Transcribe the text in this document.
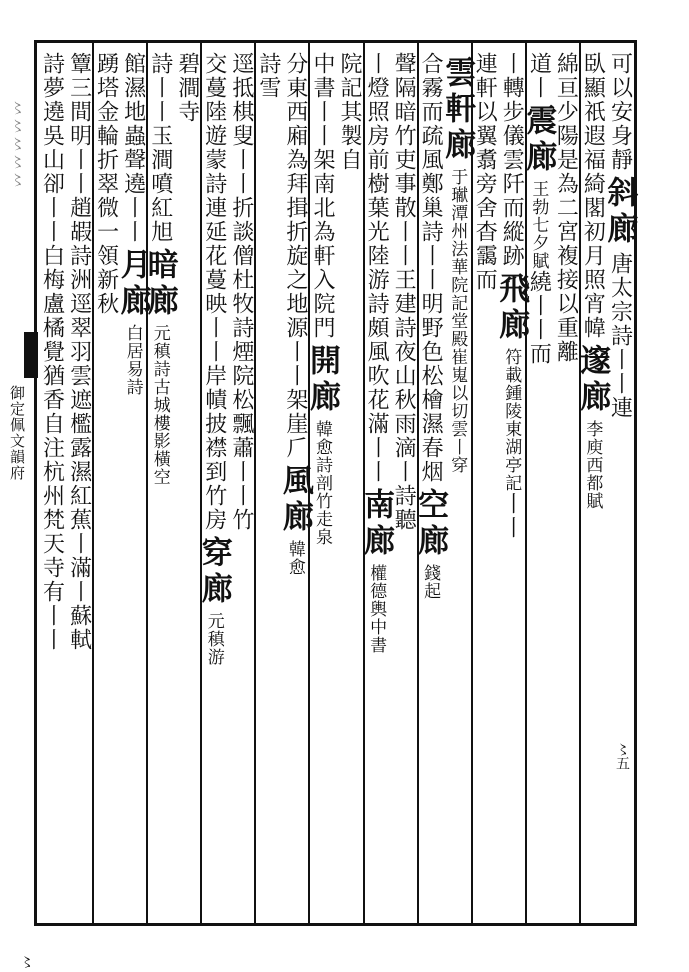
〻〻〻〻〻
御定佩文韻府
〻
可以安身靜
斜廊
唐太宗詩丨丨連
臥顯祇遐福
綺閣初月照宵幃
邃廊
李庾西都賦
綿亘少陽是為二宮複
接以重離
道丨
震廊
王勃七夕賦
繞丨丨而
丨
轉步儀雲阡而縱跡
飛廊
符載鍾陵東湖亭記
丨丨
連軒以翼翥旁舍杳靄而
雲軒廊
于𤩽潭州法華院記堂殿崔嵬以切雲丨穿
合
霧而疏風鄭巢詩丨丨明野色松檜濕春烟
空廊
錢起
聲隔暗竹吏事散丨丨王建詩夜山秋雨滴丨
詩聽
丨燈照房前樹葉光陸游詩頗風吹花滿丨丨
南廊
權德輿中書
院記其製自
中書丨丨架南北為軒入院門
開廊
韓愈詩剖竹走泉
分東西廂為拜揖折旋之地
源丨丨架崖𠂆
風廊
韓愈
詩雪
逕抵棋叟丨丨折談僧杜牧詩煙院松飄蕭丨丨竹
交蔓陸遊蒙詩連延花蔓映丨丨岸幘披襟到竹房
穿廊
元稹游
碧澗寺
詩丨丨玉澗噴紅旭
暗廊
元稹詩古城樓影橫空
館濕地蟲聲遶丨丨
月廊
白居易詩
踴塔金輪折翠微
一領新秋
簟三間明丨丨趙嘏詩洲逕翠羽雲遮檻露濕紅蕉丨滿丨蘇軾
詩夢遶吳山卻丨丨白梅盧橘覺猶香自注杭州梵天寺有丨丨
〻五
